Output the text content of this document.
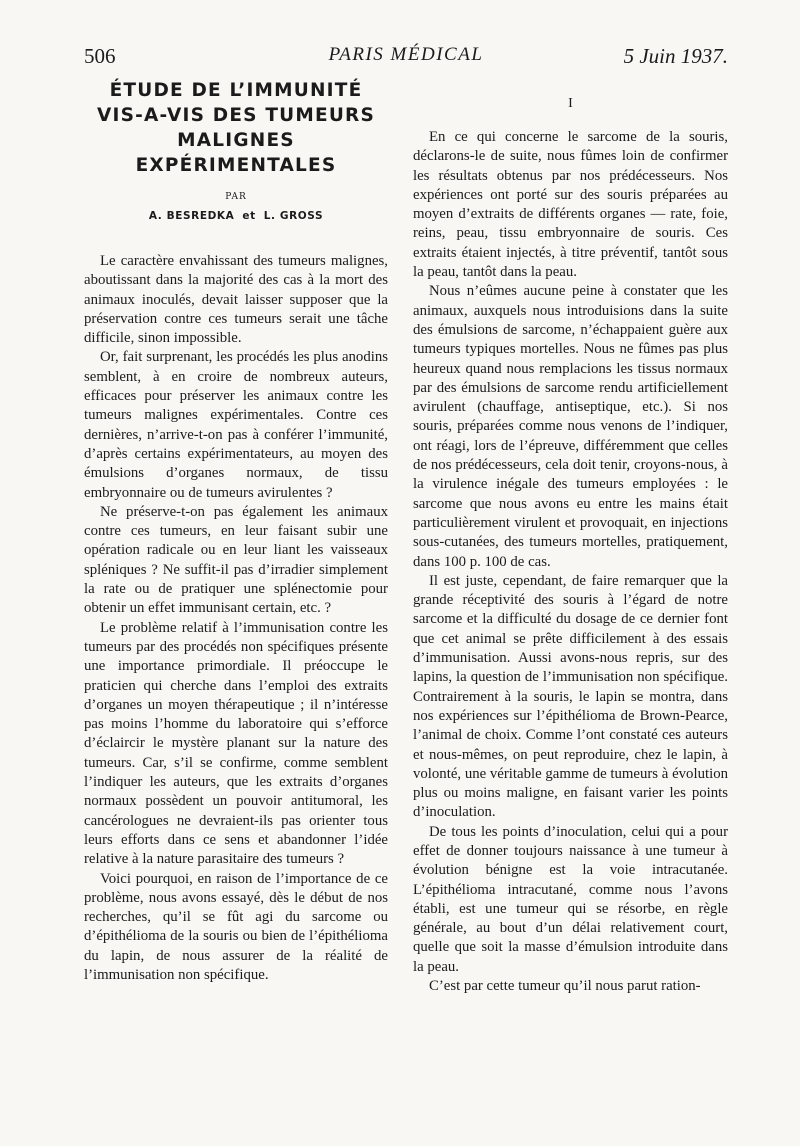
506	PARIS MÉDICAL	5 Juin 1937.
ÉTUDE DE L’IMMUNITÉ
VIS-A-VIS DES TUMEURS
MALIGNES
EXPÉRIMENTALES
PAR
A. BESREDKA et L. GROSS

Le caractère envahissant des tumeurs malignes, aboutissant dans la majorité des cas à la mort des animaux inoculés, devait laisser supposer que la préservation contre ces tumeurs serait une tâche difficile, sinon impossible.

Or, fait surprenant, les procédés les plus anodins semblent, à en croire de nombreux auteurs, efficaces pour préserver les animaux contre les tumeurs malignes expérimentales. Contre ces dernières, n’arrive-t-on pas à conférer l’immunité, d’après certains expérimentateurs, au moyen des émulsions d’organes normaux, de tissu embryonnaire ou de tumeurs avirulentes ?

Ne préserve-t-on pas également les animaux contre ces tumeurs, en leur faisant subir une opération radicale ou en leur liant les vaisseaux spléniques ? Ne suffit-il pas d’irradier simplement la rate ou de pratiquer une splénectomie pour obtenir un effet immunisant certain, etc. ?

Le problème relatif à l’immunisation contre les tumeurs par des procédés non spécifiques présente une importance primordiale. Il préoccupe le praticien qui cherche dans l’emploi des extraits d’organes un moyen thérapeutique ; il n’intéresse pas moins l’homme du laboratoire qui s’efforce d’éclaircir le mystère planant sur la nature des tumeurs. Car, s’il se confirme, comme semblent l’indiquer les auteurs, que les extraits d’organes normaux possèdent un pouvoir antitumoral, les cancérologues ne devraient-ils pas orienter tous leurs efforts dans ce sens et abandonner l’idée relative à la nature parasitaire des tumeurs ?

Voici pourquoi, en raison de l’importance de ce problème, nous avons essayé, dès le début de nos recherches, qu’il se fût agi du sarcome ou d’épithélioma de la souris ou bien de l’épithélioma du lapin, de nous assurer de la réalité de l’immunisation non spécifique.

I

En ce qui concerne le sarcome de la souris, déclarons-le de suite, nous fûmes loin de confirmer les résultats obtenus par nos prédécesseurs. Nos expériences ont porté sur des souris préparées au moyen d’extraits de différents organes — rate, foie, reins, peau, tissu embryonnaire de souris. Ces extraits étaient injectés, à titre préventif, tantôt sous la peau, tantôt dans la peau.

Nous n’eûmes aucune peine à constater que les animaux, auxquels nous introduisions dans la suite des émulsions de sarcome, n’échappaient guère aux tumeurs typiques mortelles. Nous ne fûmes pas plus heureux quand nous remplacions les tissus normaux par des émulsions de sarcome rendu artificiellement avirulent (chauffage, antiseptique, etc.). Si nos souris, préparées comme nous venons de l’indiquer, ont réagi, lors de l’épreuve, différemment que celles de nos prédécesseurs, cela doit tenir, croyons-nous, à la virulence inégale des tumeurs employées : le sarcome que nous avons eu entre les mains était particulièrement virulent et provoquait, en injections sous-cutanées, des tumeurs mortelles, pratiquement, dans 100 p. 100 de cas.

Il est juste, cependant, de faire remarquer que la grande réceptivité des souris à l’égard de notre sarcome et la difficulté du dosage de ce dernier font que cet animal se prête difficilement à des essais d’immunisation. Aussi avons-nous repris, sur des lapins, la question de l’immunisation non spécifique. Contrairement à la souris, le lapin se montra, dans nos expériences sur l’épithélioma de Brown-Pearce, l’animal de choix. Comme l’ont constaté ces auteurs et nous-mêmes, on peut reproduire, chez le lapin, à volonté, une véritable gamme de tumeurs à évolution plus ou moins maligne, en faisant varier les points d’inoculation.

De tous les points d’inoculation, celui qui a pour effet de donner toujours naissance à une tumeur à évolution bénigne est la voie intracutanée. L’épithélioma intracutané, comme nous l’avons établi, est une tumeur qui se résorbe, en règle générale, au bout d’un délai relativement court, quelle que soit la masse d’émulsion introduite dans la peau.

C’est par cette tumeur qu’il nous parut ration-
